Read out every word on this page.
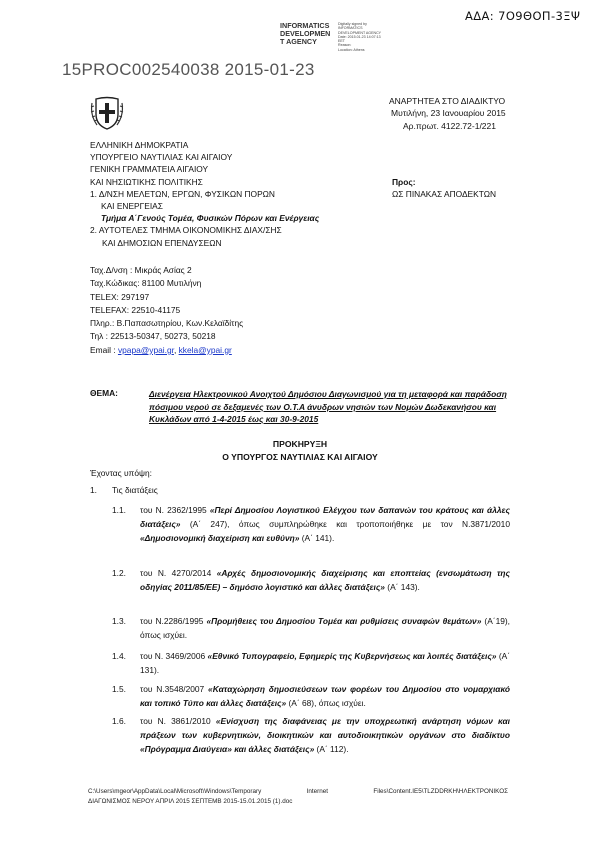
ΑΔΑ: 7Ο9ΘΟΠ-3ΞΨ
INFORMATICS
DEVELOPMEN
T AGENCY
Digitally signed by
INFORMATICS
DEVELOPMENT AGENCY
Date: 2015.01.23 14:07:13
EET
Reason:
Location: Athens
15PROC002540038 2015-01-23
ΑΝΑΡΤΗΤΕΑ ΣΤΟ ΔΙΑΔΙΚΤΥΟ
Μυτιλήνη, 23 Ιανουαρίου 2015
Αρ.πρωτ. 4122.72-1/221
ΕΛΛΗΝΙΚΗ ΔΗΜΟΚΡΑΤΙΑ
ΥΠΟΥΡΓΕΙΟ ΝΑΥΤΙΛΙΑΣ ΚΑΙ ΑΙΓΑΙΟΥ
ΓΕΝΙΚΗ ΓΡΑΜΜΑΤΕΙΑ ΑΙΓΑΙΟΥ
ΚΑΙ ΝΗΣΙΩΤΙΚΗΣ ΠΟΛΙΤΙΚΗΣ
1. Δ/ΝΣΗ ΜΕΛΕΤΩΝ, ΕΡΓΩΝ, ΦΥΣΙΚΩΝ ΠΟΡΩΝ
ΚΑΙ ΕΝΕΡΓΕΙΑΣ
Τμήμα Α΄Γενούς Τομέα, Φυσικών Πόρων και Ενέργειας
2. ΑΥΤΟΤΕΛΕΣ ΤΜΗΜΑ ΟΙΚΟΝΟΜΙΚΗΣ ΔΙΑΧ/ΣΗΣ
ΚΑΙ ΔΗΜΟΣΙΩΝ ΕΠΕΝΔΥΣΕΩΝ
Προς:
ΩΣ ΠΙΝΑΚΑΣ ΑΠΟΔΕΚΤΩΝ
Ταχ.Δ/νση : Μικράς Ασίας 2
Ταχ.Κώδικας: 81100 Μυτιλήνη
TELEX: 297197
TELEFAX: 22510-41175
Πληρ.: Β.Παπασωτηρίου, Κων.Κελαϊδίτης
Τηλ : 22513-50347, 50273, 50218
Email : vpapa@ypai.gr, kkela@ypai.gr
ΘΕΜΑ:	Διενέργεια Ηλεκτρονικού Ανοιχτού Δημόσιου Διαγωνισμού για τη μεταφορά και παράδοση πόσιμου νερού σε δεξαμενές των Ο.Τ.Α άνυδρων νησιών των Νομών Δωδεκανήσου και Κυκλάδων από 1-4-2015 έως και 30-9-2015
ΠΡΟΚΗΡΥΞΗ
Ο ΥΠΟΥΡΓΟΣ ΝΑΥΤΙΛΙΑΣ ΚΑΙ ΑΙΓΑΙΟΥ
Έχοντας υπόψη:
1. Τις διατάξεις
1.1. του Ν. 2362/1995 «Περί Δημοσίου Λογιστικού Ελέγχου των δαπανών του κράτους και άλλες διατάξεις» (Α΄ 247), όπως συμπληρώθηκε και τροποποιήθηκε με τον Ν.3871/2010 «Δημοσιονομική διαχείριση και ευθύνη» (Α΄ 141).
1.2. του Ν. 4270/2014 «Αρχές δημοσιονομικής διαχείρισης και εποπτείας (ενσωμάτωση της οδηγίας 2011/85/ΕΕ) – δημόσιο λογιστικό και άλλες διατάξεις» (Α΄ 143).
1.3. του Ν.2286/1995 «Προμήθειες του Δημοσίου Τομέα και ρυθμίσεις συναφών θεμάτων» (Α΄19), όπως ισχύει.
1.4. του Ν. 3469/2006 «Εθνικό Τυπογραφείο, Εφημερίς της Κυβερνήσεως και λοιπές διατάξεις» (Α΄ 131).
1.5. του Ν.3548/2007 «Καταχώρηση δημοσιεύσεων των φορέων του Δημοσίου στο νομαρχιακό και τοπικό Τύπο και άλλες διατάξεις» (Α΄ 68), όπως ισχύει.
1.6. του Ν. 3861/2010 «Ενίσχυση της διαφάνειας με την υποχρεωτική ανάρτηση νόμων και πράξεων των κυβερνητικών, διοικητικών και αυτοδιοικητικών οργάνων στο διαδίκτυο «Πρόγραμμα Διαύγεια» και άλλες διατάξεις» (Α΄ 112).
C:\Users\mgeor\AppData\Local\Microsoft\Windows\Temporary	Internet	Files\Content.IE5\TLZDDRKH\ΗΛΕΚΤΡΟΝΙΚΟΣ
ΔΙΑΓΩΝΙΣΜΟΣ ΝΕΡΟΥ ΑΠΡΙΛ 2015 ΣΕΠΤΕΜΒ 2015-15.01.2015 (1).doc
